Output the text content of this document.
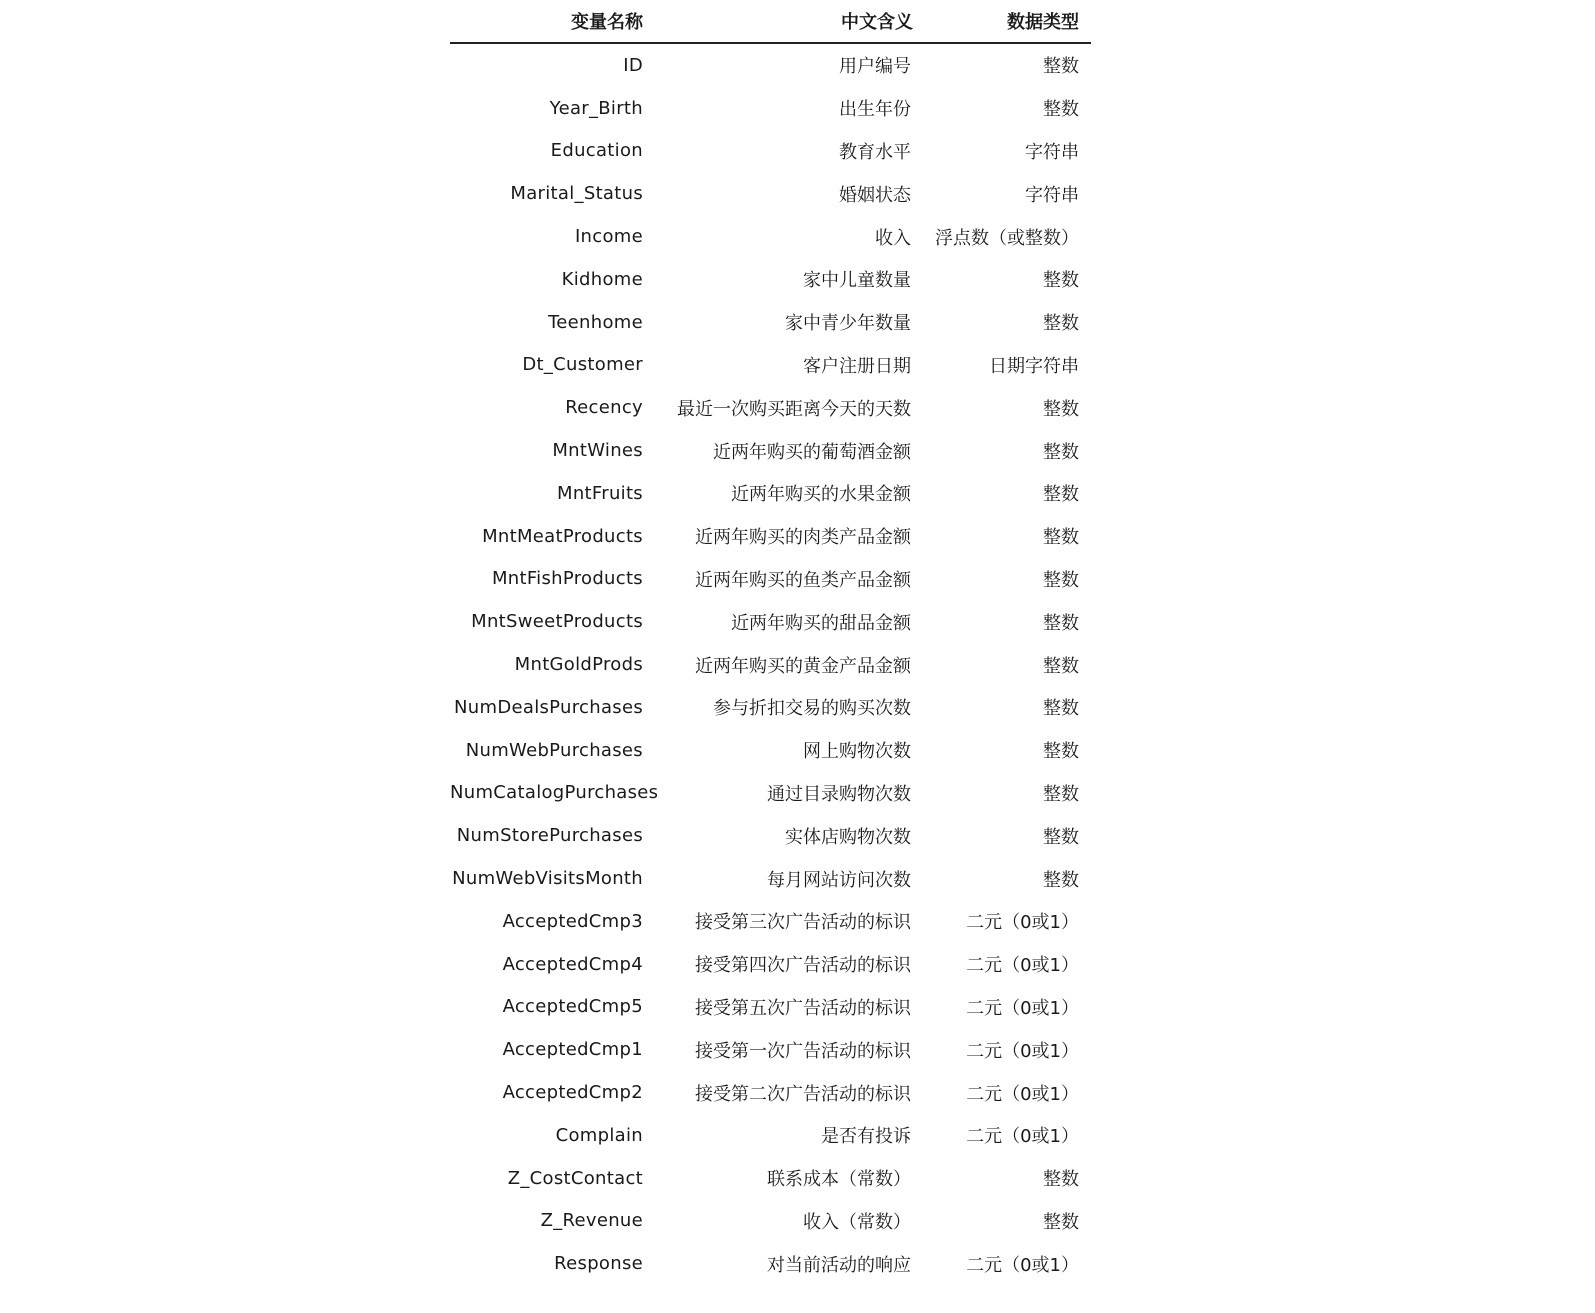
变量名称	中文含义	数据类型
ID	用户编号	整数
Year_Birth	出生年份	整数
Education	教育水平	字符串
Marital_Status	婚姻状态	字符串
Income	收入	浮点数（或整数）
Kidhome	家中儿童数量	整数
Teenhome	家中青少年数量	整数
Dt_Customer	客户注册日期	日期字符串
Recency	最近一次购买距离今天的天数	整数
MntWines	近两年购买的葡萄酒金额	整数
MntFruits	近两年购买的水果金额	整数
MntMeatProducts	近两年购买的肉类产品金额	整数
MntFishProducts	近两年购买的鱼类产品金额	整数
MntSweetProducts	近两年购买的甜品金额	整数
MntGoldProds	近两年购买的黄金产品金额	整数
NumDealsPurchases	参与折扣交易的购买次数	整数
NumWebPurchases	网上购物次数	整数
NumCatalogPurchases	通过目录购物次数	整数
NumStorePurchases	实体店购物次数	整数
NumWebVisitsMonth	每月网站访问次数	整数
AcceptedCmp3	接受第三次广告活动的标识	二元（0或1）
AcceptedCmp4	接受第四次广告活动的标识	二元（0或1）
AcceptedCmp5	接受第五次广告活动的标识	二元（0或1）
AcceptedCmp1	接受第一次广告活动的标识	二元（0或1）
AcceptedCmp2	接受第二次广告活动的标识	二元（0或1）
Complain	是否有投诉	二元（0或1）
Z_CostContact	联系成本（常数）	整数
Z_Revenue	收入（常数）	整数
Response	对当前活动的响应	二元（0或1）
